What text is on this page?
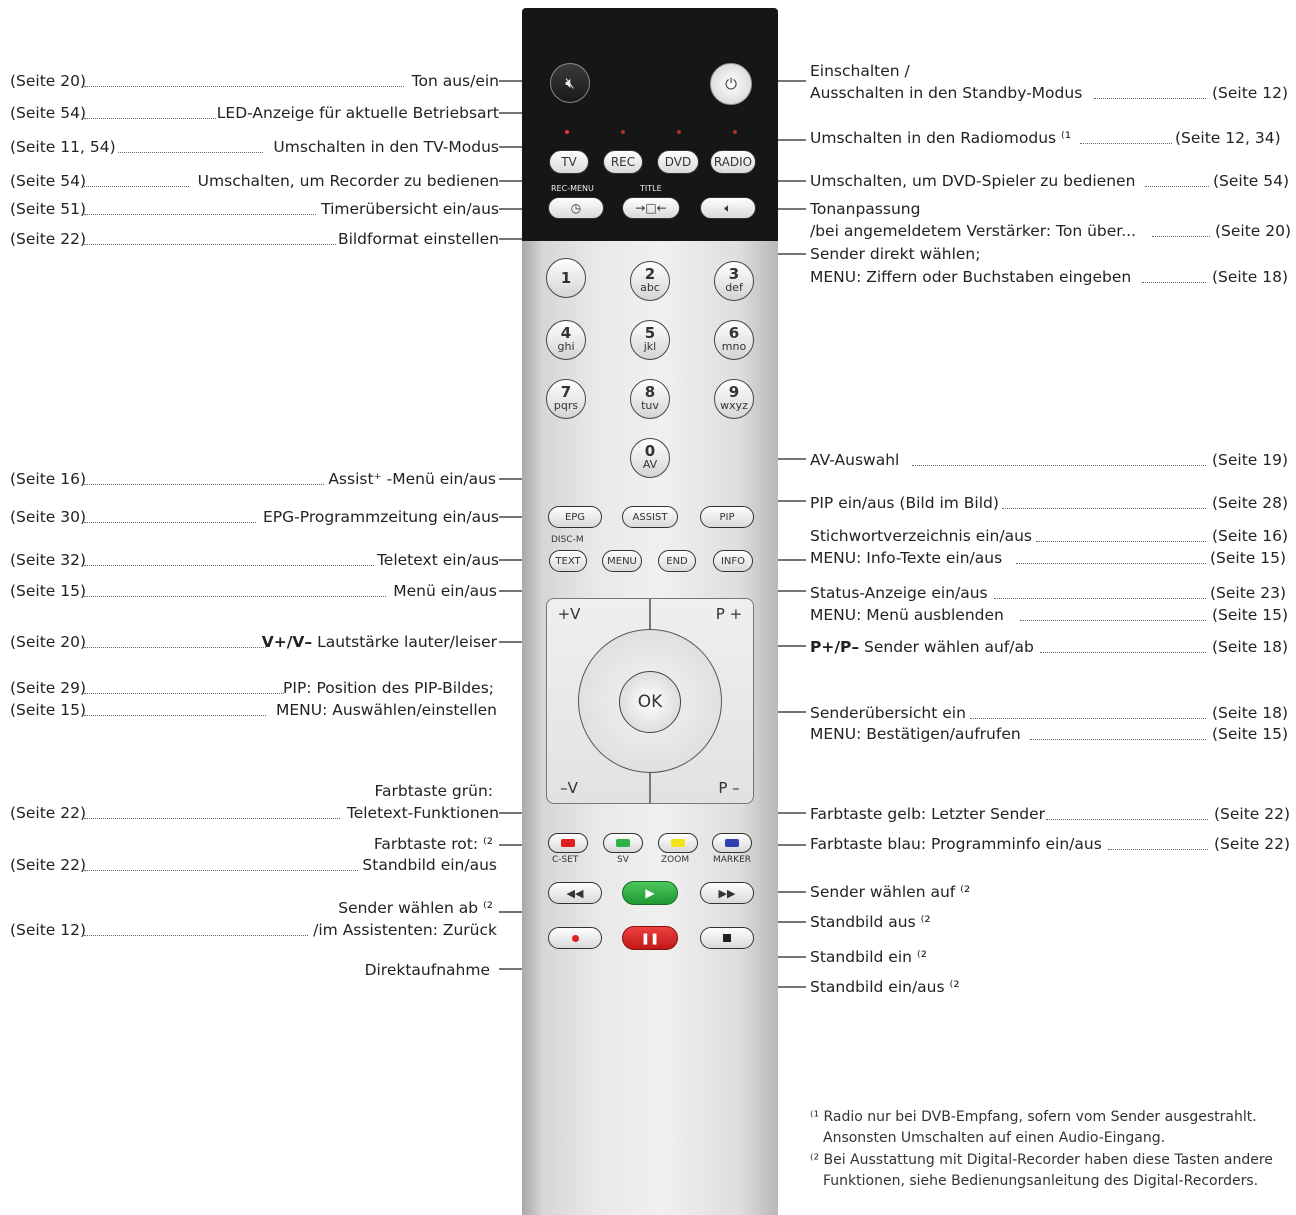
🔇︎	⏻
TV	REC DVD RADIO
REC-MENU	TITLE
◷	→□←	🔈︎
1	2
abc
3
def
4
ghi
5
jkl
6
mno
7
pqrs
8
tuv
9
wxyz
0
AV
EPG	ASSIST	PIP
DISC-M
TEXT	MENU	END	INFO
+V	P +
–V	P –
OK
C-SET	SV	ZOOM	MARKER
◀◀	▶	▶▶
❚❚
(Seite 20)	Ton aus/ein
(Seite 54)	LED-Anzeige für aktuelle Betriebsart
(Seite 11, 54)	Umschalten in den TV-Modus
(Seite 54)	Umschalten, um Recorder zu bedienen
(Seite 51)	Timerübersicht ein/aus
(Seite 22)	Bildformat einstellen
(Seite 16)	Assist⁺ -Menü ein/aus
(Seite 30)	EPG-Programmzeitung ein/aus
(Seite 32)	Teletext ein/aus
(Seite 15)	Menü ein/aus
(Seite 20)	V+/V– Lautstärke lauter/leiser
(Seite 29)	PIP: Position des PIP-Bildes;
(Seite 15)	MENU: Auswählen/einstellen
Farbtaste grün:
(Seite 22)	Teletext-Funktionen
Farbtaste rot: ⁽²
(Seite 22)	Standbild ein/aus
Sender wählen ab ⁽²
(Seite 12)	/im Assistenten: Zurück
Direktaufnahme
Einschalten /
Ausschalten in den Standby-Modus	(Seite 12)
Umschalten in den Radiomodus ⁽¹	(Seite 12, 34)
Umschalten, um DVD-Spieler zu bedienen	(Seite 54)
Tonanpassung
/bei angemeldetem Verstärker: Ton über...	(Seite 20)
Sender direkt wählen;
MENU: Ziffern oder Buchstaben eingeben	(Seite 18)
AV-Auswahl	(Seite 19)
PIP ein/aus (Bild im Bild)	(Seite 28)
Stichwortverzeichnis ein/aus	(Seite 16)
MENU: Info-Texte ein/aus	(Seite 15)
Status-Anzeige ein/aus	(Seite 23)
MENU: Menü ausblenden	(Seite 15)
P+/P– Sender wählen auf/ab	(Seite 18)
Senderübersicht ein	(Seite 18)
MENU: Bestätigen/aufrufen	(Seite 15)
Farbtaste gelb: Letzter Sender	(Seite 22)
Farbtaste blau: Programminfo ein/aus	(Seite 22)
Sender wählen auf ⁽²
Standbild aus ⁽²
Standbild ein ⁽²
Standbild ein/aus ⁽²
⁽¹ Radio nur bei DVB-Empfang, sofern vom Sender ausgestrahlt.
Ansonsten Umschalten auf einen Audio-Eingang.
⁽² Bei Ausstattung mit Digital-Recorder haben diese Tasten andere
Funktionen, siehe Bedienungsanleitung des Digital-Recorders.
